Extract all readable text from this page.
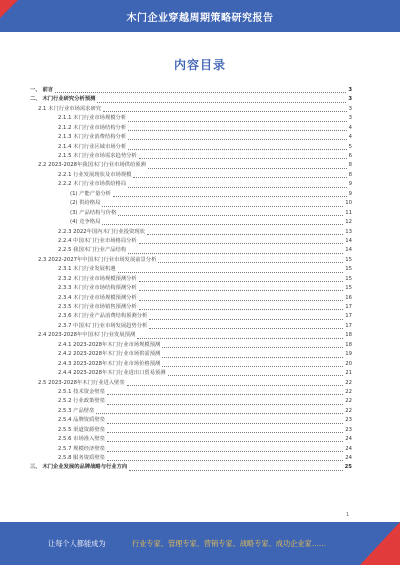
木门企业穿越周期策略研究报告
内容目录
一、 前言	3
二、 木门行业研究分析预测	3
2.1 木门行业市场需求研究	3
2.1.1 木门行业市场规模分析	3
2.1.2 木门行业市场结构分析	4
2.1.3 木门行业消费结构分析	4
2.1.4 木门行业区域市场分析	5
2.1.5 木门行业市场需求趋势分析	6
2.2 2023-2028年我国木门行业市场供给预测	8
2.2.1 行业发展现状及市场规模	8
2.2.2 木门行业市场供给格局	9
(1) 产能产量分析	9
(2) 供给格局	10
(3) 产品结构与价格	11
(4) 竞争格局	12
2.2.3 2022年国内木门行业投资现状	13
2.2.4 中国木门行业市场格局分析	14
2.2.5 我国木门行业产品结构	14
2.3 2022-2027年中国木门行业市场发展前景分析	15
2.3.1 木门行业发展机遇	15
2.3.2 木门行业市场规模预测分析	15
2.3.3 木门行业市场结构预测分析	15
2.3.4 木门行业市场规模预测分析	16
2.3.5 木门行业市场销售预测分析	17
2.3.6 木门行业产品消费结构预测分析	17
2.3.7 中国木门行业市场发展趋势分析	17
2.4 2023-2028年中国木门行业发展预测	18
2.4.1 2023-2028年木门行业市场规模预测	18
2.4.2 2023-2028年木门行业市场供需预测	19
2.4.3 2023-2028年木门行业市场价格预测	20
2.4.4 2023-2028年木门行业进出口贸易预测	21
2.5 2023-2028年木门行业进入壁垒	22
2.5.1 技术资金壁垒	22
2.5.2 行业政策壁垒	22
2.5.3 产品壁垒	22
2.5.4 品牌资质壁垒	23
2.5.5 渠道资源壁垒	23
2.5.6 市场准入壁垒	24
2.5.7 规模经济壁垒	24
2.5.8 服务资质壁垒	24
三、 木门企业发展的品牌战略与行业方向	25
1
让每个人都能成为	行业专家、管理专家、营销专家、战略专家、成功企业家……
